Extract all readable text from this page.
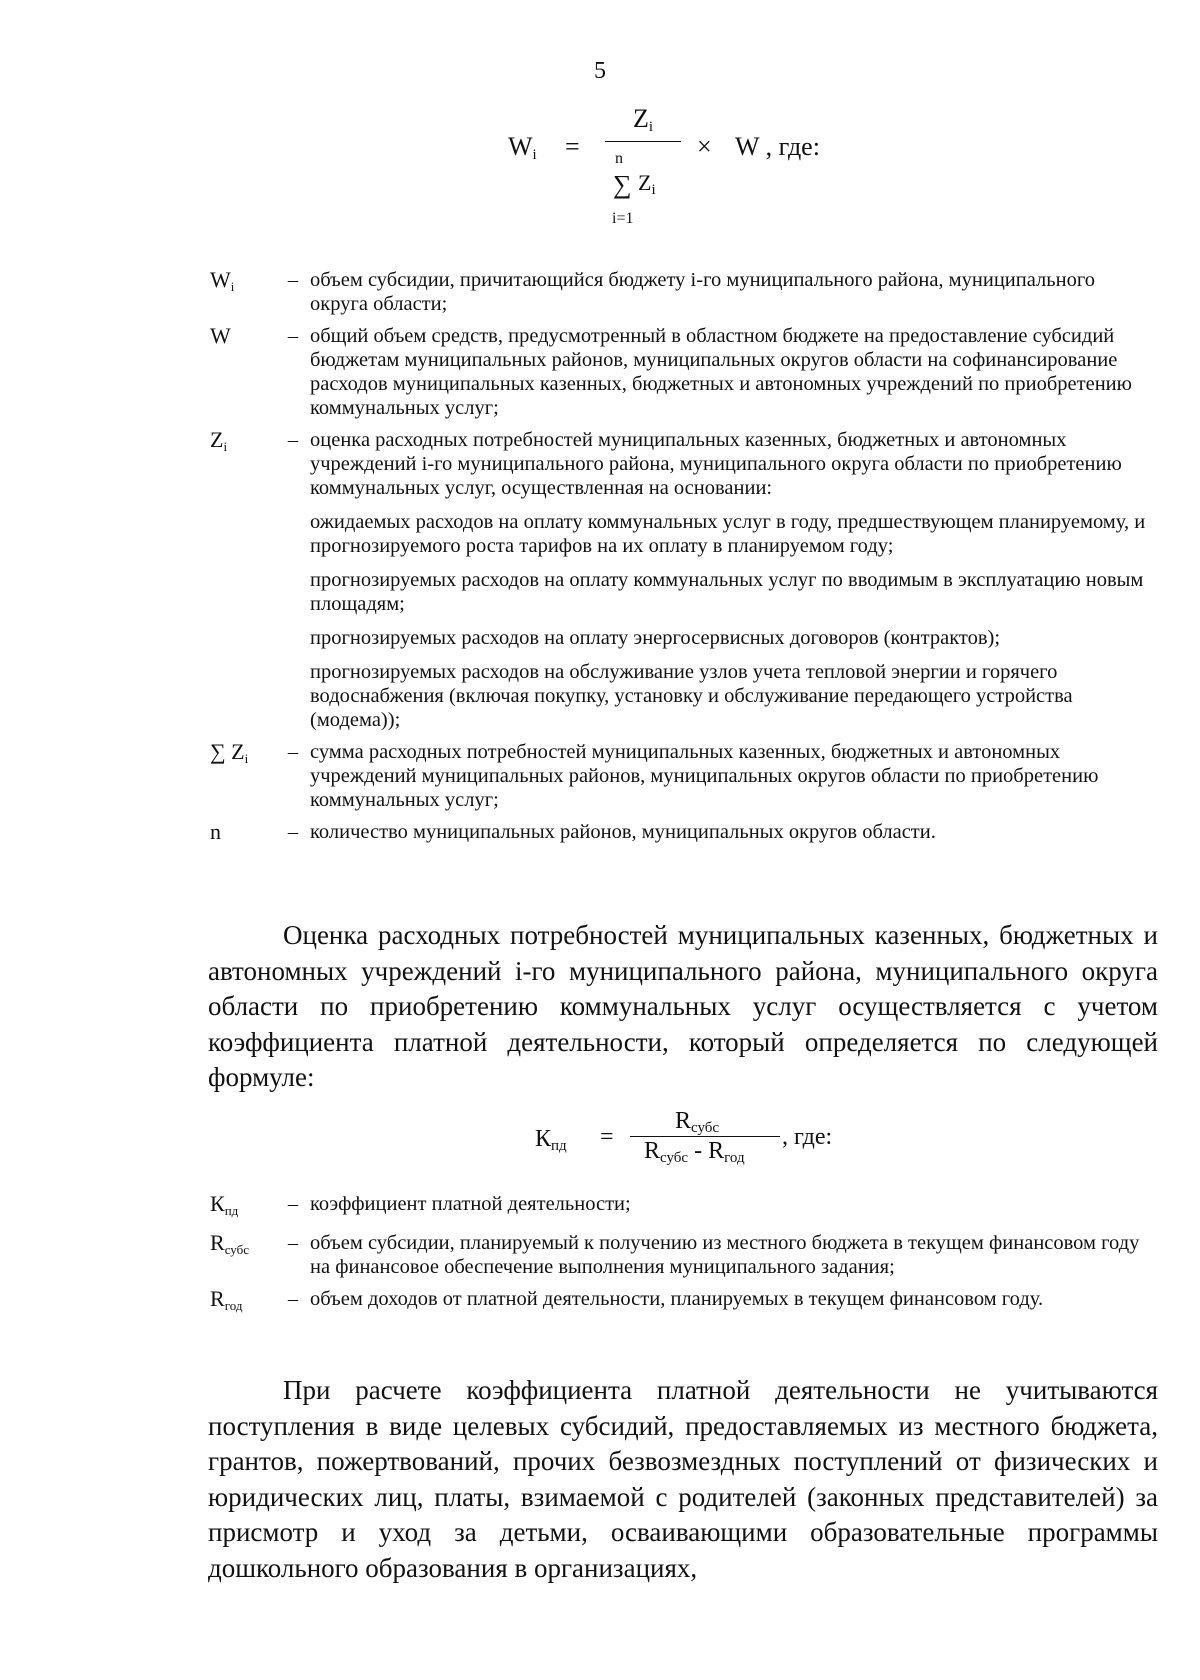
5
$W_i$ =
$Z_i$
n
∑ $Z_i$
i=1
× W , где:
Wi	– объем субсидии, причитающийся бюджету i-го муниципального района, муниципального округа области;

W	– общий объем средств, предусмотренный в областном бюджете на предоставление субсидий бюджетам муниципальных районов, муниципальных округов области на софинансирование расходов муниципальных казенных, бюджетных и автономных учреждений по приобретению коммунальных услуг;

Zi	– оценка расходных потребностей муниципальных казенных, бюджетных и автономных учреждений i-го муниципального района, муниципального округа области по приобретению коммунальных услуг, осуществленная на основании:

ожидаемых расходов на оплату коммунальных услуг в году, предшествующем планируемому, и прогнозируемого роста тарифов на их оплату в планируемом году;

прогнозируемых расходов на оплату коммунальных услуг по вводимым в эксплуатацию новым площадям;

прогнозируемых расходов на оплату энергосервисных договоров (контрактов);

прогнозируемых расходов на обслуживание узлов учета тепловой энергии и горячего водоснабжения (включая покупку, установку и обслуживание передающего устройства (модема));

∑ Zi	– сумма расходных потребностей муниципальных казенных, бюджетных и автономных учреждений муниципальных районов, муниципальных округов области по приобретению коммунальных услуг;

n	– количество муниципальных районов, муниципальных округов области.

Оценка расходных потребностей муниципальных казенных, бюджетных и автономных учреждений i-го муниципального района, муниципального округа области по приобретению коммунальных услуг осуществляется с учетом коэффициента платной деятельности, который определяется по следующей формуле:
$К_{пд}$ =
$R_{субс}$
$R_{субс} - R_{год}$
, где:
Кпд	– коэффициент платной деятельности;

Rсубс	– объем субсидии, планируемый к получению из местного бюджета в текущем финансовом году на финансовое обеспечение выполнения муниципального задания;

Rгод	– объем доходов от платной деятельности, планируемых в текущем финансовом году.

При расчете коэффициента платной деятельности не учитываются поступления в виде целевых субсидий, предоставляемых из местного бюджета, грантов, пожертвований, прочих безвозмездных поступлений от физических и юридических лиц, платы, взимаемой с родителей (законных представителей) за присмотр и уход за детьми, осваивающими образовательные программы дошкольного образования в организациях,
